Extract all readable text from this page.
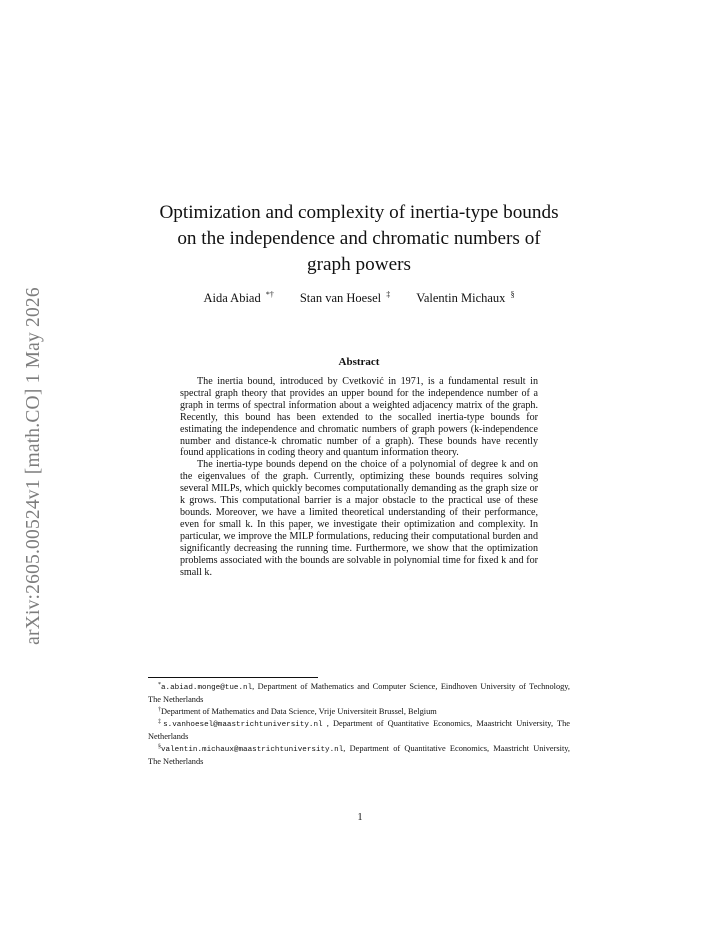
arXiv:2605.00524v1 [math.CO] 1 May 2026
Optimization and complexity of inertia-type bounds
on the independence and chromatic numbers of
graph powers
Aida Abiad *† Stan van Hoesel ‡ Valentin Michaux §
Abstract

The inertia bound, introduced by Cvetković in 1971, is a fundamental result in spectral graph theory that provides an upper bound for the independence number of a graph in terms of spectral information about a weighted adjacency matrix of the graph. Recently, this bound has been extended to the socalled inertia-type bounds for estimating the independence and chromatic numbers of graph powers (k-independence number and distance-k chromatic number of a graph). These bounds have recently found applications in coding theory and quantum information theory.

The inertia-type bounds depend on the choice of a polynomial of degree k and on the eigenvalues of the graph. Currently, optimizing these bounds requires solving several MILPs, which quickly becomes computationally demanding as the graph size or k grows. This computational barrier is a major obstacle to the practical use of these bounds. Moreover, we have a limited theoretical understanding of their performance, even for small k. In this paper, we investigate their optimization and complexity. In particular, we improve the MILP formulations, reducing their computational burden and significantly decreasing the running time. Furthermore, we show that the optimization problems associated with the bounds are solvable in polynomial time for fixed k and for small k.

*a.abiad.monge@tue.nl, Department of Mathematics and Computer Science, Eindhoven University of Technology, The Netherlands

†Department of Mathematics and Data Science, Vrije Universiteit Brussel, Belgium

‡s.vanhoesel@maastrichtuniversity.nl , Department of Quantitative Economics, Maastricht University, The Netherlands

§valentin.michaux@maastrichtuniversity.nl, Department of Quantitative Economics, Maastricht University, The Netherlands

1
